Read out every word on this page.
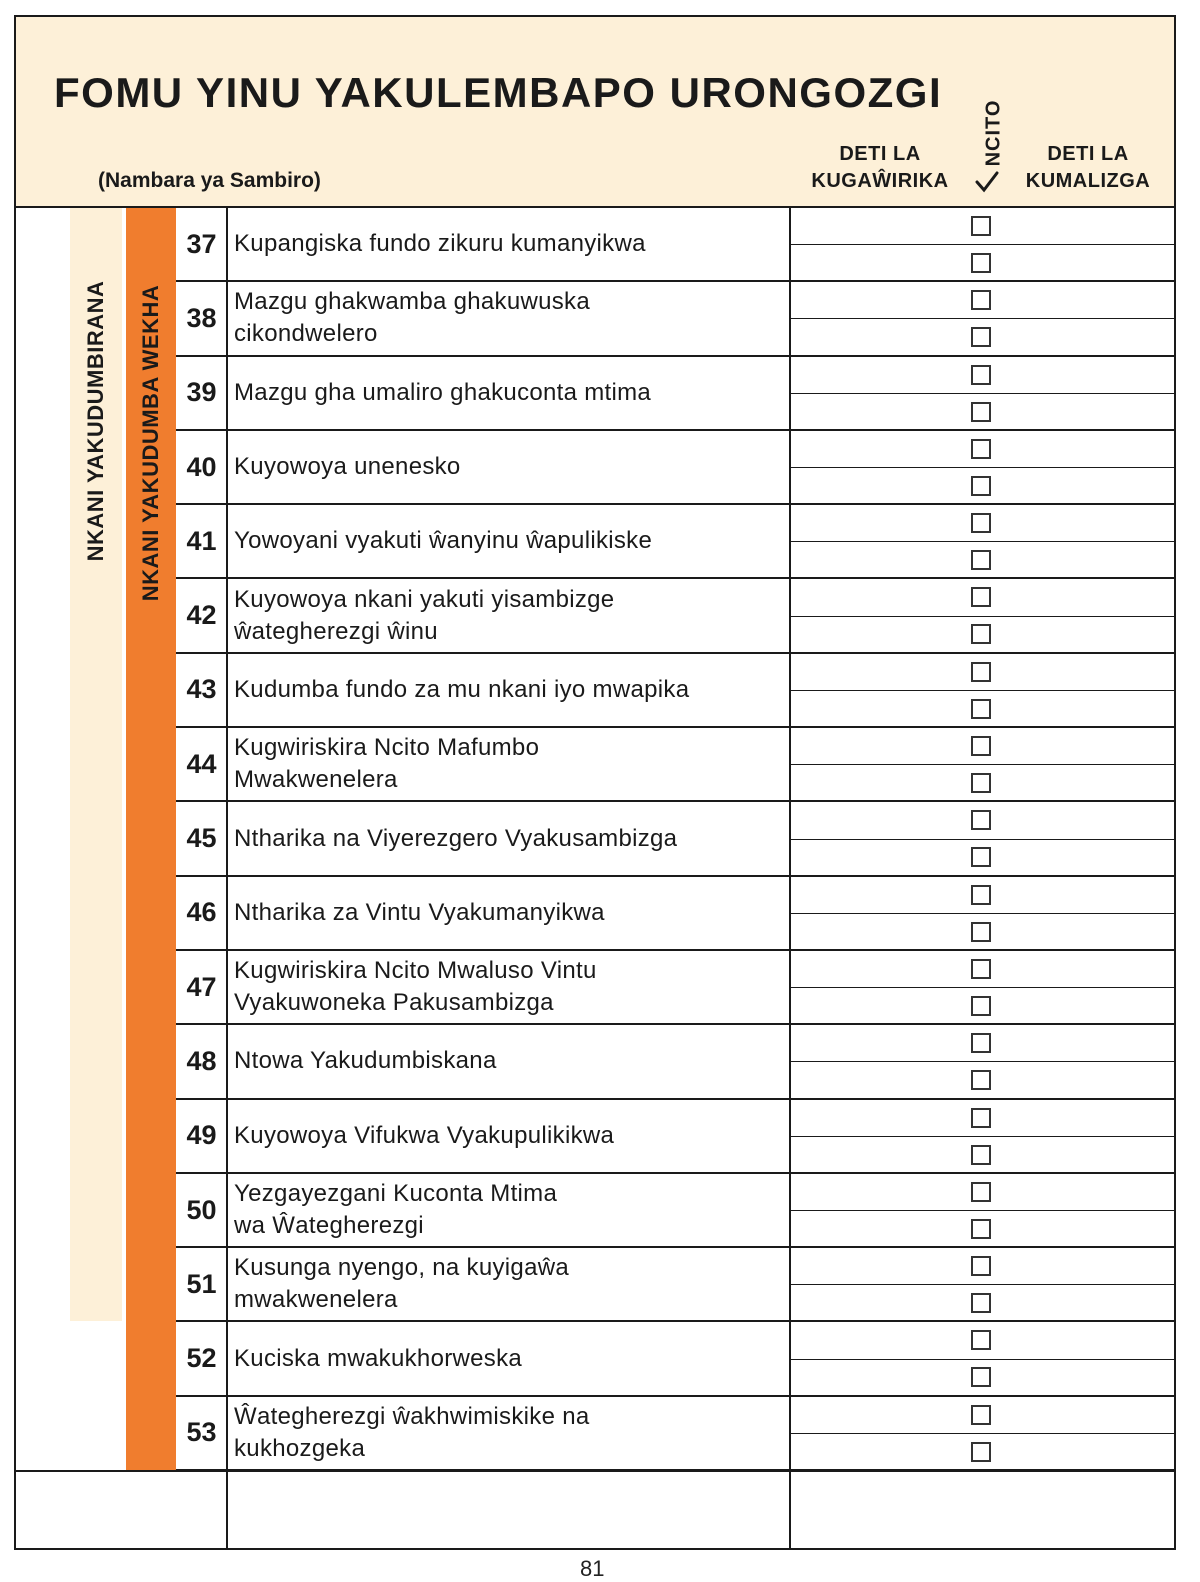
FOMU YINU YAKULEMBAPO URONGOZGI
(Nambara ya Sambiro)
DETI LA
KUGAŴIRIKA
NCITO	DETI LA
KUMALIZGA
NKANI YAKUDUMBIRANA NKANI YAKUDUMBA WEKHA
37 Kupangiska fundo zikuru kumanyikwa
38
Mazgu ghakwamba ghakuwuska
cikondwelero
39 Mazgu gha umaliro ghakuconta mtima
40 Kuyowoya unenesko
41 Yowoyani vyakuti ŵanyinu ŵapulikiske
42
Kuyowoya nkani yakuti yisambizge
ŵategherezgi ŵinu
43 Kudumba fundo za mu nkani iyo mwapika
44
Kugwiriskira Ncito Mafumbo
Mwakwenelera
45 Ntharika na Viyerezgero Vyakusambizga
46 Ntharika za Vintu Vyakumanyikwa
47
Kugwiriskira Ncito Mwaluso Vintu
Vyakuwoneka Pakusambizga
48 Ntowa Yakudumbiskana
49 Kuyowoya Vifukwa Vyakupulikikwa
50
Yezgayezgani Kuconta Mtima
wa Ŵategherezgi
51
Kusunga nyengo, na kuyigaŵa
mwakwenelera
52 Kuciska mwakukhorweska
53
Ŵategherezgi ŵakhwimiskike na
kukhozgeka
81
